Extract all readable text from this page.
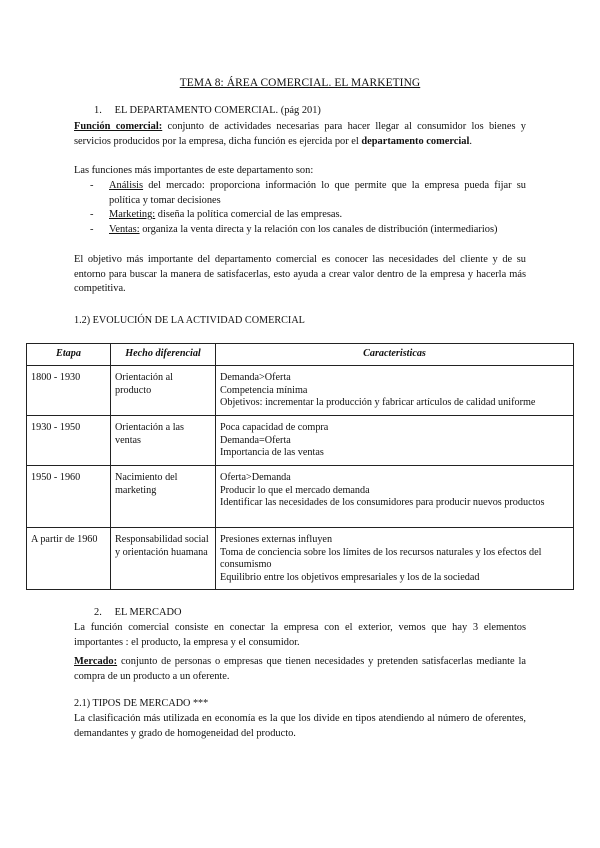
TEMA 8: ÁREA COMERCIAL. EL MARKETING
1. EL DEPARTAMENTO COMERCIAL. (pág 201)
Función comercial: conjunto de actividades necesarias para hacer llegar al consumidor los bienes y servicios producidos por la empresa, dicha función es ejercida por el departamento comercial.
Las funciones más importantes de este departamento son:
- Análisis del mercado: proporciona información lo que permite que la empresa pueda fijar su política y tomar decisiones
- Marketing: diseña la política comercial de las empresas.
- Ventas: organiza la venta directa y la relación con los canales de distribución (intermediarios)
El objetivo más importante del departamento comercial es conocer las necesidades del cliente y de su entorno para buscar la manera de satisfacerlas, esto ayuda a crear valor dentro de la empresa y hacerla más competitiva.
1.2) EVOLUCIÓN DE LA ACTIVIDAD COMERCIAL
Etapa	Hecho diferencial	Caracteristicas
1800 - 1930	Orientación al producto	Demanda>Oferta
Competencia mínima
Objetivos: incrementar la producción y fabricar artículos de calidad uniforme

1930 - 1950	Orientación a las ventas	Poca capacidad de compra
Demanda=Oferta
Importancia de las ventas

1950 - 1960	Nacimiento del marketing	Oferta>Demanda
Producir lo que el mercado demanda
Identificar las necesidades de los consumidores para producir nuevos productos

A partir de 1960	Responsabilidad social y orientación huamana	Presiones externas influyen
Toma de conciencia sobre los límites de los recursos naturales y los efectos del consumismo
Equilibrio entre los objetivos empresariales y los de la sociedad
2. EL MERCADO
La función comercial consiste en conectar la empresa con el exterior, vemos que hay 3 elementos importantes : el producto, la empresa y el consumidor.
Mercado: conjunto de personas o empresas que tienen necesidades y pretenden satisfacerlas mediante la compra de un producto a un oferente.
2.1) TIPOS DE MERCADO ***
La clasificación más utilizada en economía es la que los divide en tipos atendiendo al número de oferentes, demandantes y grado de homogeneidad del producto.
